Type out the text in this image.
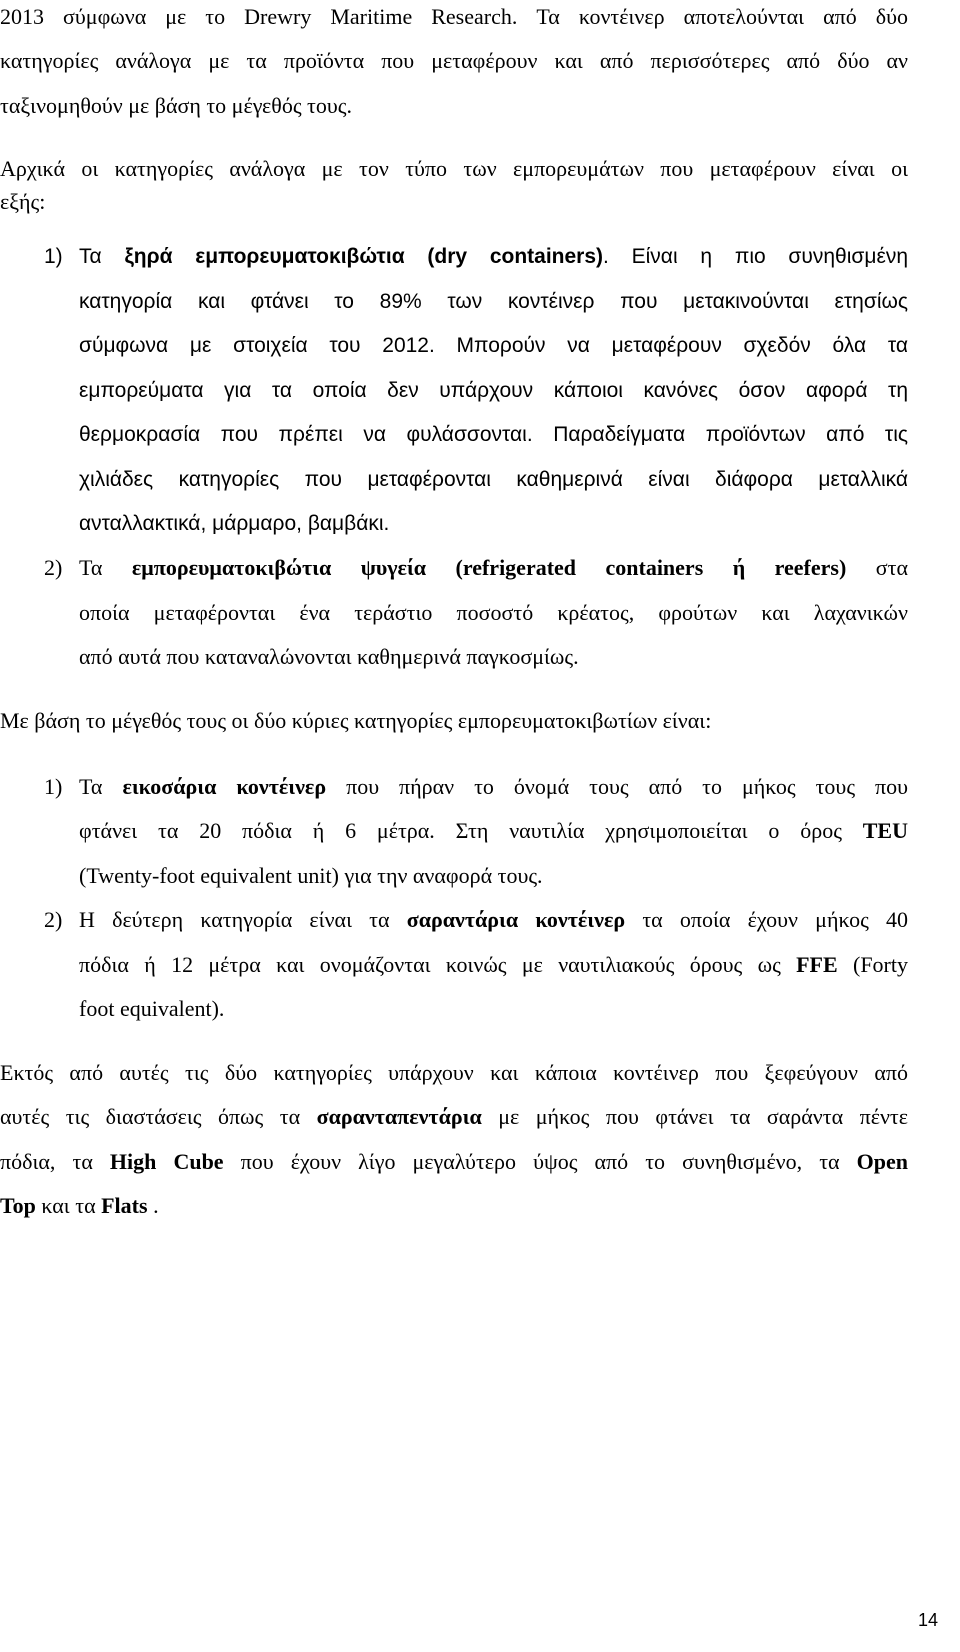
2013 σύμφωνα με το Drewry Maritime Research. Τα κοντέινερ αποτελούνται από δύο
κατηγορίες ανάλογα με τα προϊόντα που μεταφέρουν και από περισσότερες από δύο αν
ταξινομηθούν με βάση το μέγεθός τους.
Αρχικά οι κατηγορίες ανάλογα με τον τύπο των εμπορευμάτων που μεταφέρουν είναι οι
εξής:
1) Τα ξηρά εμπορευματοκιβώτια (dry containers). Είναι η πιο συνηθισμένη
κατηγορία και φτάνει το 89% των κοντέινερ που μετακινούνται ετησίως
σύμφωνα με στοιχεία του 2012. Μπορούν να μεταφέρουν σχεδόν όλα τα
εμπορεύματα για τα οποία δεν υπάρχουν κάποιοι κανόνες όσον αφορά τη
θερμοκρασία που πρέπει να φυλάσσονται. Παραδείγματα προϊόντων από τις
χιλιάδες κατηγορίες που μεταφέρονται καθημερινά είναι διάφορα μεταλλικά
ανταλλακτικά, μάρμαρο, βαμβάκι.
2) Τα εμπορευματοκιβώτια ψυγεία (refrigerated containers ή reefers) στα
οποία μεταφέρονται ένα τεράστιο ποσοστό κρέατος, φρούτων και λαχανικών
από αυτά που καταναλώνονται καθημερινά παγκοσμίως.
Με βάση το μέγεθός τους οι δύο κύριες κατηγορίες εμπορευματοκιβωτίων είναι:
1) Τα εικοσάρια κοντέινερ που πήραν το όνομά τους από το μήκος τους που
φτάνει τα 20 πόδια ή 6 μέτρα. Στη ναυτιλία χρησιμοποιείται ο όρος TEU
(Twenty-foot equivalent unit) για την αναφορά τους.
2) Η δεύτερη κατηγορία είναι τα σαραντάρια κοντέινερ τα οποία έχουν μήκος 40
πόδια ή 12 μέτρα και ονομάζονται κοινώς με ναυτιλιακούς όρους ως FFE (Forty
foot equivalent).
Εκτός από αυτές τις δύο κατηγορίες υπάρχουν και κάποια κοντέινερ που ξεφεύγουν από
αυτές τις διαστάσεις όπως τα σαρανταπεντάρια με μήκος που φτάνει τα σαράντα πέντε
πόδια, τα High Cube που έχουν λίγο μεγαλύτερο ύψος από το συνηθισμένο, τα Open
Top και τα Flats .
14
